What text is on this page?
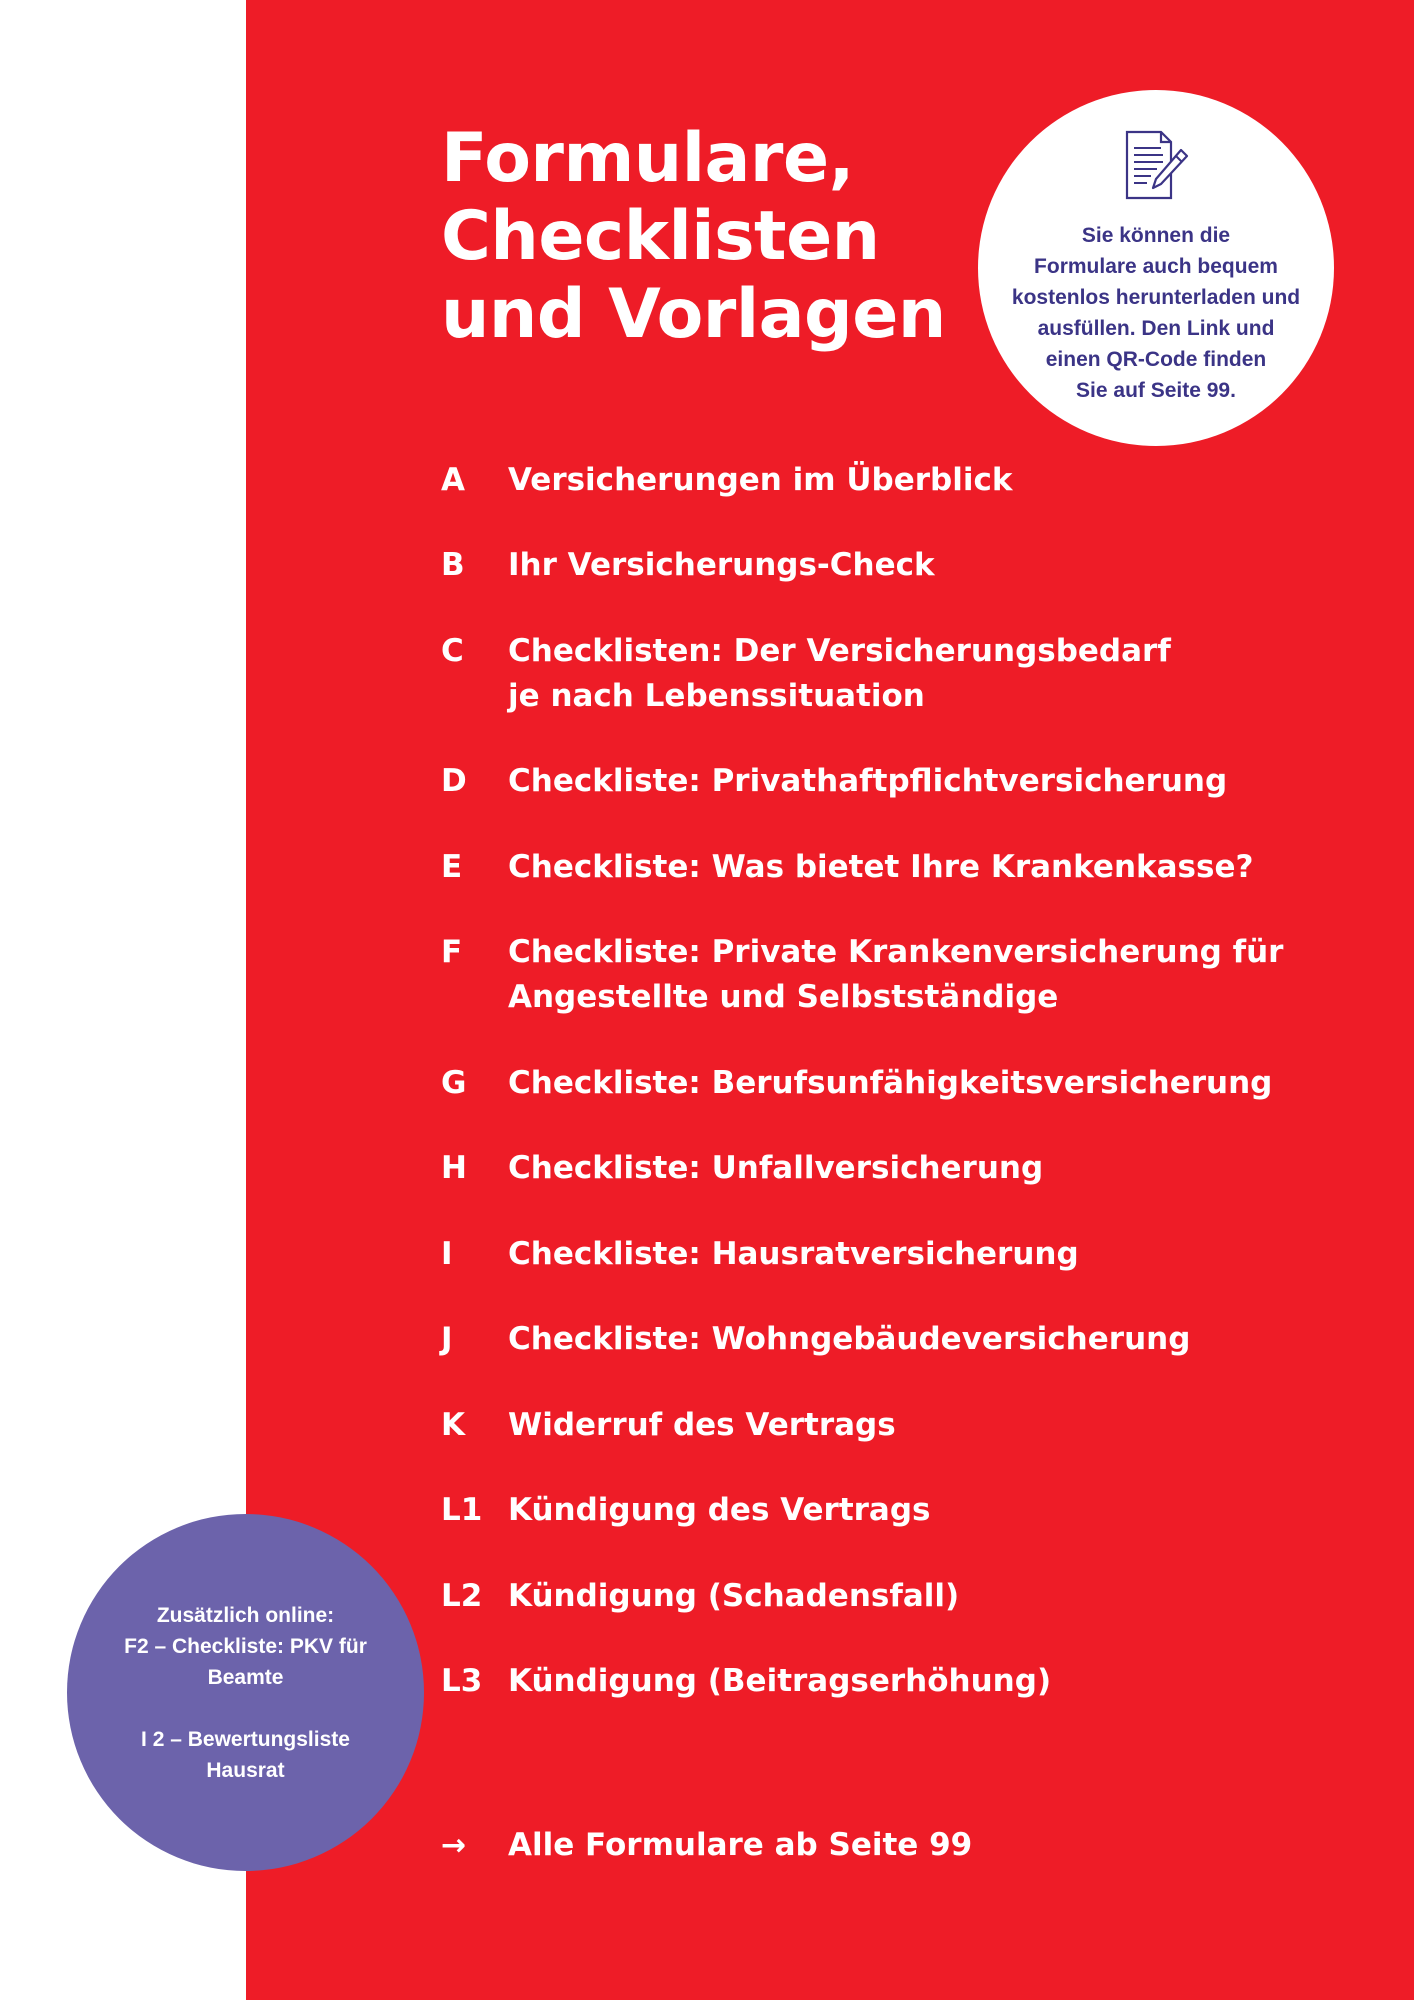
Formulare,
Checklisten
und Vorlagen
Sie können die
Formulare auch bequem
kostenlos herunterladen und
ausfüllen. Den Link und
einen QR-Code finden
Sie auf Seite 99.
A	Versicherungen im Überblick
B	Ihr Versicherungs-Check
C	Checklisten: Der Versicherungsbedarf
je nach Lebenssituation
D	Checkliste: Privathaftpflichtversicherung
E	Checkliste: Was bietet Ihre Krankenkasse?
F	Checkliste: Private Krankenversicherung für
Angestellte und Selbstständige
G	Checkliste: Berufsunfähigkeitsversicherung
H	Checkliste: Unfallversicherung
I	Checkliste: Hausratversicherung
J	Checkliste: Wohngebäudeversicherung
K	Widerruf des Vertrags
L1 Kündigung des Vertrags
L2 Kündigung (Schadensfall)
L3 Kündigung (Beitragserhöhung)
Zusätzlich online:
F2 – Checkliste: PKV für
Beamte
I 2 – Bewertungsliste
Hausrat
→	Alle Formulare ab Seite 99
